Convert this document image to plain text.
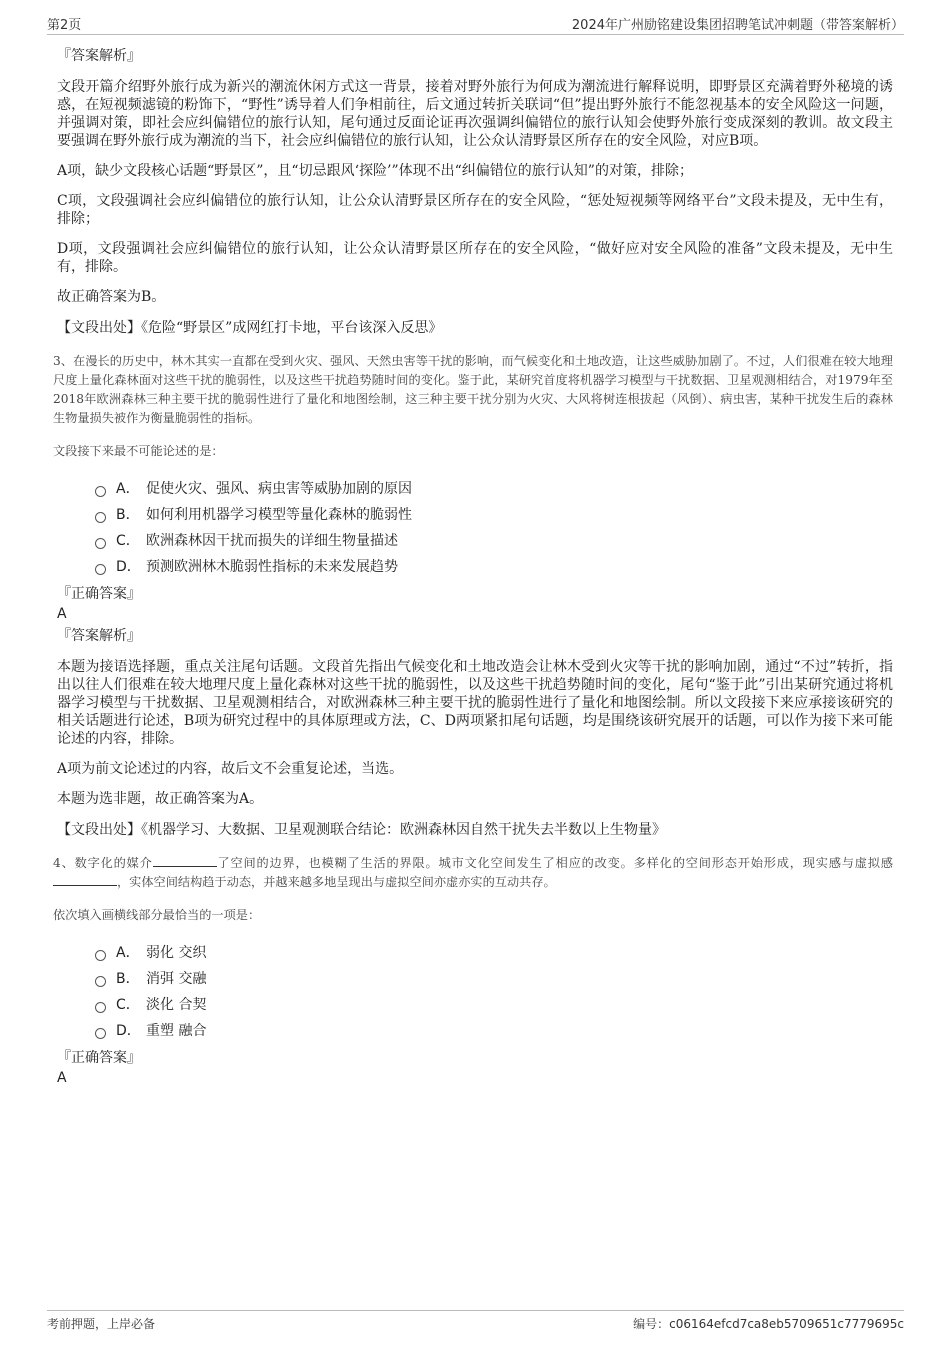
第2页	2024年广州励铭建设集团招聘笔试冲刺题（带答案解析）
『答案解析』

文段开篇介绍野外旅行成为新兴的潮流休闲方式这一背景，接着对野外旅行为何成为潮流进行解释说明，即野景区充满着野外秘境的诱惑，在短视频滤镜的粉饰下，“野性”诱导着人们争相前往，后文通过转折关联词“但”提出野外旅行不能忽视基本的安全风险这一问题，并强调对策，即社会应纠偏错位的旅行认知，尾句通过反面论证再次强调纠偏错位的旅行认知会使野外旅行变成深刻的教训。故文段主要强调在野外旅行成为潮流的当下，社会应纠偏错位的旅行认知，让公众认清野景区所存在的安全风险，对应B项。

A项，缺少文段核心话题“野景区”，且“切忌跟风‘探险’”体现不出“纠偏错位的旅行认知”的对策，排除；

C项，文段强调社会应纠偏错位的旅行认知，让公众认清野景区所存在的安全风险，“惩处短视频等网络平台”文段未提及，无中生有，排除；

D项，文段强调社会应纠偏错位的旅行认知，让公众认清野景区所存在的安全风险，“做好应对安全风险的准备”文段未提及，无中生有，排除。

故正确答案为B。

【文段出处】《危险“野景区”成网红打卡地，平台该深入反思》

3、在漫长的历史中，林木其实一直都在受到火灾、强风、天然虫害等干扰的影响，而气候变化和土地改造，让这些威胁加剧了。不过，人们很难在较大地理尺度上量化森林面对这些干扰的脆弱性，以及这些干扰趋势随时间的变化。鉴于此，某研究首度将机器学习模型与干扰数据、卫星观测相结合，对1979年至2018年欧洲森林三种主要干扰的脆弱性进行了量化和地图绘制，这三种主要干扰分别为火灾、大风将树连根拔起（风倒）、病虫害，某种干扰发生后的森林生物量损失被作为衡量脆弱性的指标。

文段接下来最不可能论述的是：

A． 促使火灾、强风、病虫害等威胁加剧的原因
B． 如何利用机器学习模型等量化森林的脆弱性
C． 欧洲森林因干扰而损失的详细生物量描述
D． 预测欧洲林木脆弱性指标的未来发展趋势
『正确答案』
A
『答案解析』

本题为接语选择题，重点关注尾句话题。文段首先指出气候变化和土地改造会让林木受到火灾等干扰的影响加剧，通过“不过”转折，指出以往人们很难在较大地理尺度上量化森林对这些干扰的脆弱性，以及这些干扰趋势随时间的变化，尾句“鉴于此”引出某研究通过将机器学习模型与干扰数据、卫星观测相结合，对欧洲森林三种主要干扰的脆弱性进行了量化和地图绘制。所以文段接下来应承接该研究的相关话题进行论述，B项为研究过程中的具体原理或方法，C、D两项紧扣尾句话题，均是围绕该研究展开的话题，可以作为接下来可能论述的内容，排除。

A项为前文论述过的内容，故后文不会重复论述，当选。

本题为选非题，故正确答案为A。

【文段出处】《机器学习、大数据、卫星观测联合结论：欧洲森林因自然干扰失去半数以上生物量》

4、数字化的媒介	了空间的边界，也模糊了生活的界限。城市文化空间发生了相应的改变。多样化的空间形态开始形成，现实感与虚拟感，实体空间结构趋于动态，并越来越多地呈现出与虚拟空间亦虚亦实的互动共存。

依次填入画横线部分最恰当的一项是：

A． 弱化 交织
B． 消弭 交融
C． 淡化 合契
D． 重塑 融合
『正确答案』
A
考前押题，上岸必备	编号：c06164efcd7ca8eb5709651c7779695c
